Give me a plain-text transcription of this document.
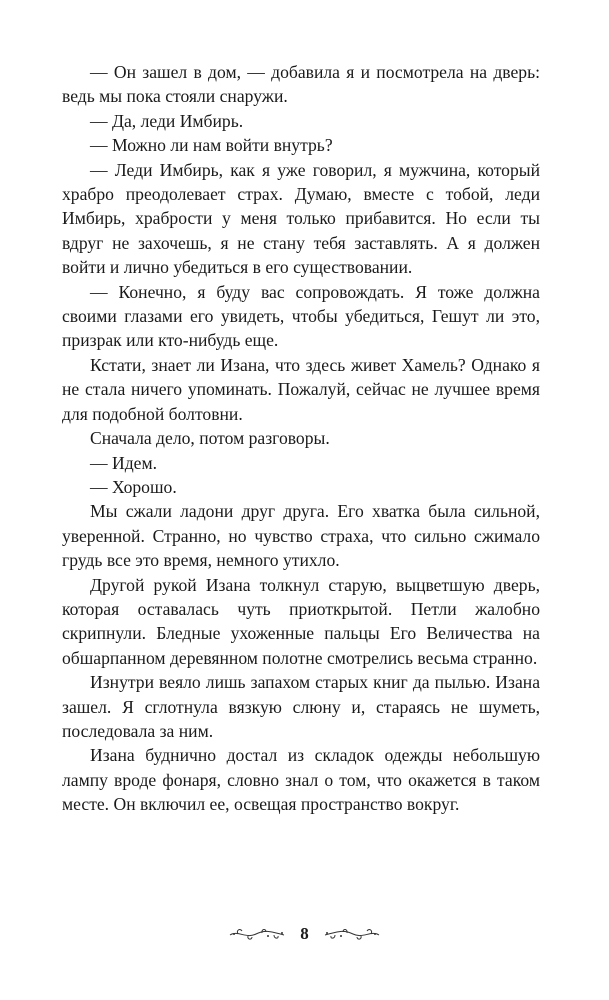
— Он зашел в дом, — добавила я и посмотрела на дверь: ведь мы пока стояли снаружи.

— Да, леди Имбирь.

— Можно ли нам войти внутрь?

— Леди Имбирь, как я уже говорил, я мужчина, который храбро преодолевает страх. Думаю, вместе с тобой, леди Имбирь, храбрости у меня только прибавится. Но если ты вдруг не захочешь, я не стану тебя заставлять. А я должен войти и лично убедиться в его существовании.

— Конечно, я буду вас сопровождать. Я тоже должна своими глазами его увидеть, чтобы убедиться, Гешут ли это, призрак или кто-нибудь еще.

Кстати, знает ли Изана, что здесь живет Хамель? Однако я не стала ничего упоминать. Пожалуй, сейчас не лучшее время для подобной болтовни.

Сначала дело, потом разговоры.

— Идем.

— Хорошо.

Мы сжали ладони друг друга. Его хватка была сильной, уверенной. Странно, но чувство страха, что сильно сжимало грудь все это время, немного утихло.

Другой рукой Изана толкнул старую, выцветшую дверь, которая оставалась чуть приоткрытой. Петли жалобно скрипнули. Бледные ухоженные пальцы Его Величества на обшарпанном деревянном полотне смотрелись весьма странно.

Изнутри веяло лишь запахом старых книг да пылью. Изана зашел. Я сглотнула вязкую слюну и, стараясь не шуметь, последовала за ним.

Изана буднично достал из складок одежды небольшую лампу вроде фонаря, словно знал о том, что окажется в таком месте. Он включил ее, освещая пространство вокруг.

8
